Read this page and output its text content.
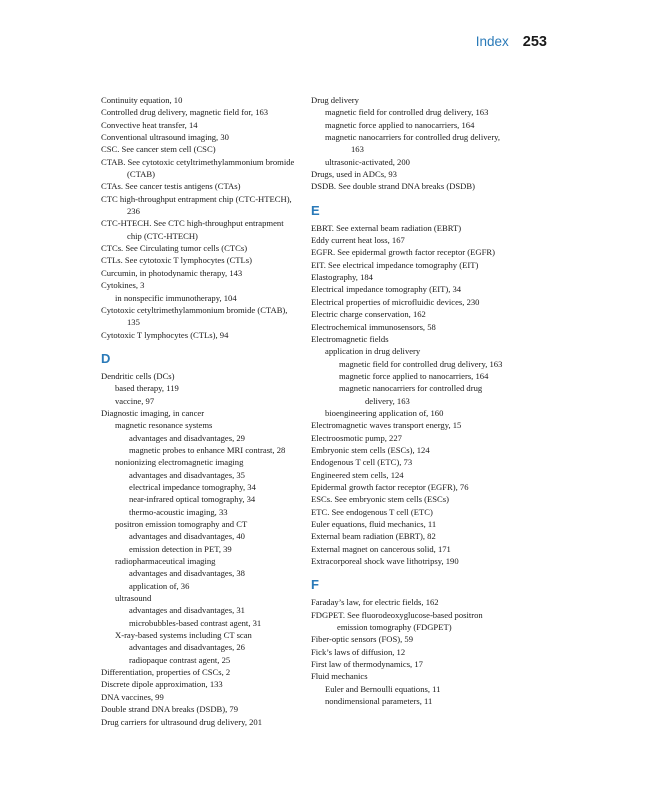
Index 253
Continuity equation, 10
Controlled drug delivery, magnetic field for, 163
Convective heat transfer, 14
Conventional ultrasound imaging, 30
CSC. See cancer stem cell (CSC)
CTAB. See cytotoxic cetyltrimethylammonium bromide (CTAB)
CTAs. See cancer testis antigens (CTAs)
CTC high-throughput entrapment chip (CTC-HTECH), 236
CTC-HTECH. See CTC high-throughput entrapment chip (CTC-HTECH)
CTCs. See Circulating tumor cells (CTCs)
CTLs. See cytotoxic T lymphocytes (CTLs)
Curcumin, in photodynamic therapy, 143
Cytokines, 3
in nonspecific immunotherapy, 104
Cytotoxic cetyltrimethylammonium bromide (CTAB), 135
Cytotoxic T lymphocytes (CTLs), 94
D
Dendritic cells (DCs)
based therapy, 119
vaccine, 97
Diagnostic imaging, in cancer
magnetic resonance systems
advantages and disadvantages, 29
magnetic probes to enhance MRI contrast, 28
nonionizing electromagnetic imaging
advantages and disadvantages, 35
electrical impedance tomography, 34
near-infrared optical tomography, 34
thermo-acoustic imaging, 33
positron emission tomography and CT
advantages and disadvantages, 40
emission detection in PET, 39
radiopharmaceutical imaging
advantages and disadvantages, 38
application of, 36
ultrasound
advantages and disadvantages, 31
microbubbles-based contrast agent, 31
X-ray-based systems including CT scan
advantages and disadvantages, 26
radiopaque contrast agent, 25
Differentiation, properties of CSCs, 2
Discrete dipole approximation, 133
DNA vaccines, 99
Double strand DNA breaks (DSDB), 79
Drug carriers for ultrasound drug delivery, 201
Drug delivery
magnetic field for controlled drug delivery, 163
magnetic force applied to nanocarriers, 164
magnetic nanocarriers for controlled drug delivery, 163
ultrasonic-activated, 200
Drugs, used in ADCs, 93
DSDB. See double strand DNA breaks (DSDB)
E
EBRT. See external beam radiation (EBRT)
Eddy current heat loss, 167
EGFR. See epidermal growth factor receptor (EGFR)
EIT. See electrical impedance tomography (EIT)
Elastography, 184
Electrical impedance tomography (EIT), 34
Electrical properties of microfluidic devices, 230
Electric charge conservation, 162
Electrochemical immunosensors, 58
Electromagnetic fields
application in drug delivery
magnetic field for controlled drug delivery, 163
magnetic force applied to nanocarriers, 164
magnetic nanocarriers for controlled drug delivery, 163
bioengineering application of, 160
Electromagnetic waves transport energy, 15
Electroosmotic pump, 227
Embryonic stem cells (ESCs), 124
Endogenous T cell (ETC), 73
Engineered stem cells, 124
Epidermal growth factor receptor (EGFR), 76
ESCs. See embryonic stem cells (ESCs)
ETC. See endogenous T cell (ETC)
Euler equations, fluid mechanics, 11
External beam radiation (EBRT), 82
External magnet on cancerous solid, 171
Extracorporeal shock wave lithotripsy, 190
F
Faraday’s law, for electric fields, 162
FDGPET. See fluorodeoxyglucose-based positron emission tomography (FDGPET)
Fiber-optic sensors (FOS), 59
Fick’s laws of diffusion, 12
First law of thermodynamics, 17
Fluid mechanics
Euler and Bernoulli equations, 11
nondimensional parameters, 11
